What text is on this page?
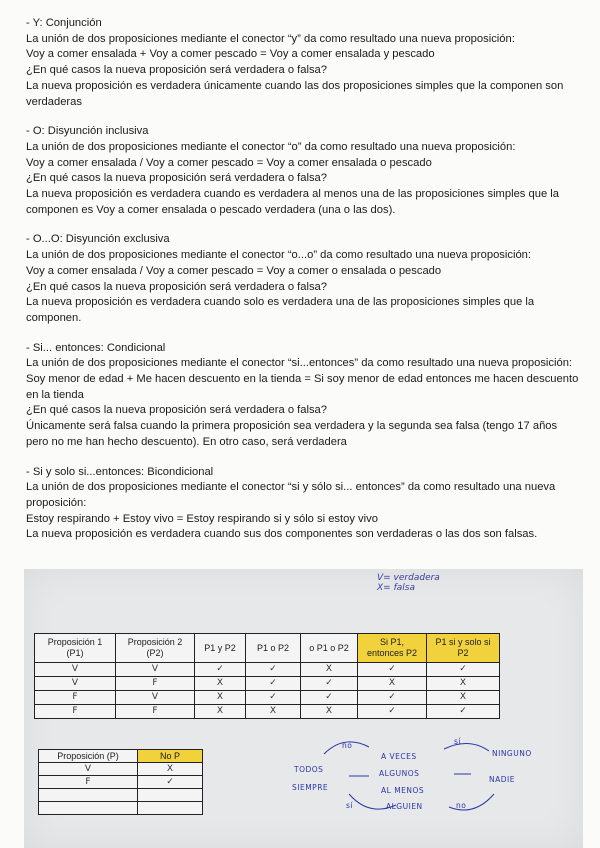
- Y: Conjunción

La unión de dos proposiciones mediante el conector “y” da como resultado una nueva proposición:

Voy a comer ensalada + Voy a comer pescado = Voy a comer ensalada y pescado

¿En qué casos la nueva proposición será verdadera o falsa?

La nueva proposición es verdadera únicamente cuando las dos proposiciones simples que la componen son verdaderas

- O: Disyunción inclusiva

La unión de dos proposiciones mediante el conector “o” da como resultado una nueva proposición:

Voy a comer ensalada / Voy a comer pescado = Voy a comer ensalada o pescado

¿En qué casos la nueva proposición será verdadera o falsa?

La nueva proposición es verdadera cuando es verdadera al menos una de las proposiciones simples que la componen es Voy a comer ensalada o pescado verdadera (una o las dos).

- O...O: Disyunción exclusiva

La unión de dos proposiciones mediante el conector “o...o” da como resultado una nueva proposición:

Voy a comer ensalada / Voy a comer pescado = Voy a comer o ensalada o pescado

¿En qué casos la nueva proposición será verdadera o falsa?

La nueva proposición es verdadera cuando solo es verdadera una de las proposiciones simples que la componen.

- Si... entonces: Condicional

La unión de dos proposiciones mediante el conector “si...entonces” da como resultado una nueva proposición:

Soy menor de edad + Me hacen descuento en la tienda = Si soy menor de edad entonces me hacen descuento en la tienda

¿En qué casos la nueva proposición será verdadera o falsa?

Únicamente será falsa cuando la primera proposición sea verdadera y la segunda sea falsa (tengo 17 años pero no me han hecho descuento). En otro caso, será verdadera

- Si y solo si...entonces: Bicondicional

La unión de dos proposiciones mediante el conector “si y sólo si... entonces” da como resultado una nueva proposición:

Estoy respirando + Estoy vivo = Estoy respirando si y sólo si estoy vivo

La nueva proposición es verdadera cuando sus dos componentes son verdaderas o las dos son falsas.

V= verdadera
X= falsa
Proposición 1 (P1)	Proposición 2 (P2)	P1 y P2	P1 o P2	o P1 o P2	Si P1, entonces P2	P1 si y solo si P2
V	V	✓	✓	X	✓	✓
V	F	X	✓	✓	X	X
F	V	X	✓	✓	✓	X
F	F	X	X	X	✓	✓
Proposición (P)	No P
V	X
F	✓

TODOS
SIEMPRE
A VECES
ALGUNOS
AL MENOS
ALGUIEN
NINGUNO
NADIE
no	sí
sí	no
